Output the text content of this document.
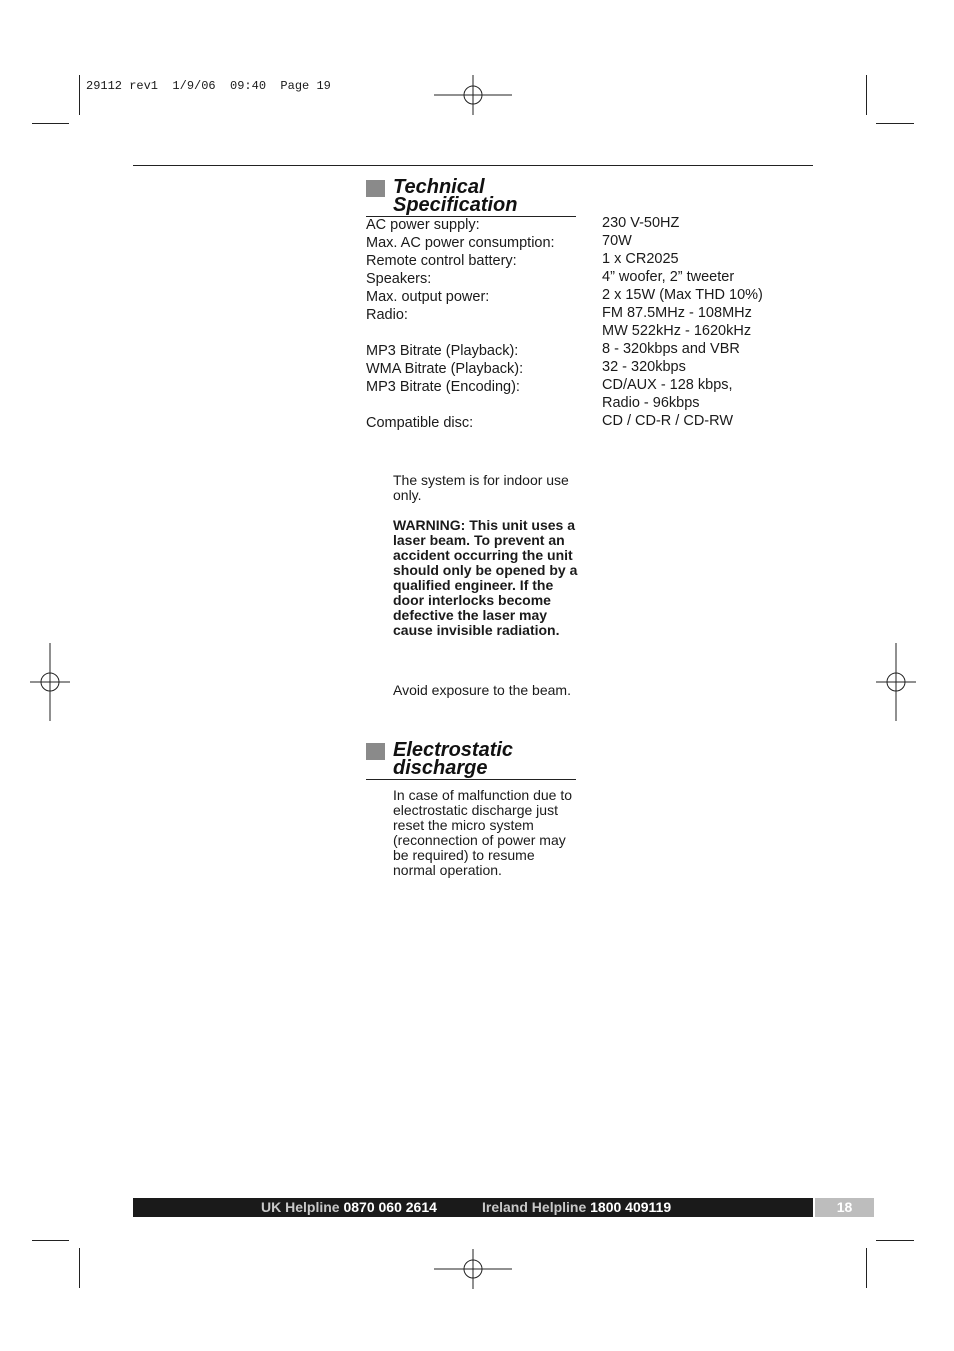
29112 rev1  1/9/06  09:40  Page 19
Technical
Specification
AC power supply:
Max. AC power consumption:
Remote control battery:
Speakers:
Max. output power:
Radio:
MP3 Bitrate (Playback):
WMA Bitrate (Playback):
MP3 Bitrate (Encoding):
Compatible disc:
230 V-50HZ
70W
1 x CR2025
4” woofer, 2” tweeter
2 x 15W (Max THD 10%)
FM 87.5MHz - 108MHz
MW 522kHz - 1620kHz
8 - 320kbps and VBR
32 - 320kbps
CD/AUX - 128 kbps,
Radio - 96kbps
CD / CD-R / CD-RW
The system is for indoor use only.
WARNING: This unit uses a laser beam. To prevent an accident occurring the unit should only be opened by a qualified engineer. If the door interlocks become defective the laser may cause invisible radiation.
Avoid exposure to the beam.
Electrostatic
discharge
In case of malfunction due to electrostatic discharge just reset the micro system (reconnection of power may be required) to resume normal operation.
UK Helpline 0870 060 2614	Ireland Helpline 1800 409119	18
